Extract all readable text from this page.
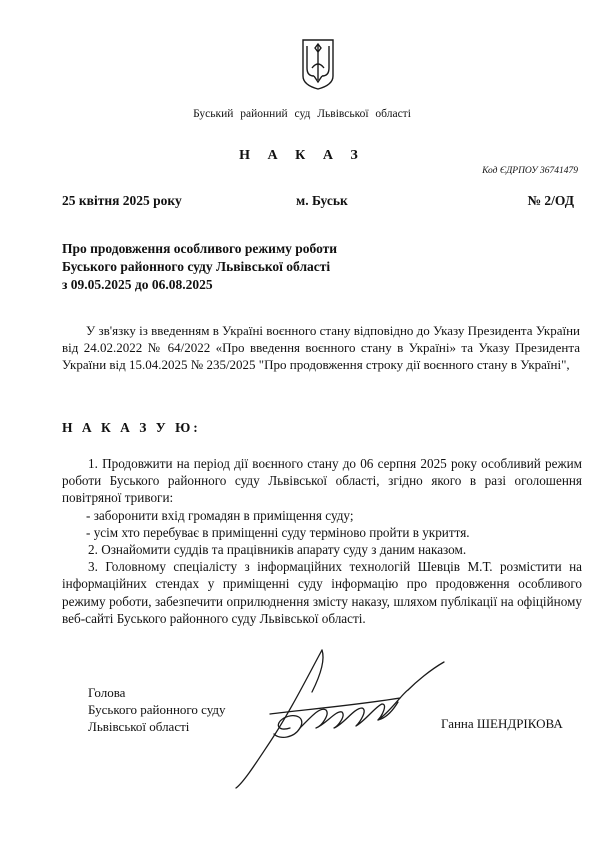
Буський районний суд Львівської області
Н А К А З
Код ЄДРПОУ 36741479
25 квітня 2025 року	м. Буськ	№ 2/ОД
Про продовження особливого режиму роботи
Буського районного суду Львівської області
з 09.05.2025 до 06.08.2025
У зв'язку із введенням в Україні воєнного стану відповідно до Указу Президента України від 24.02.2022 № 64/2022 «Про введення воєнного стану в Україні» та Указу Президента України від 15.04.2025 № 235/2025 "Про продовження строку дії воєнного стану в Україні",
Н А К А З У Ю:

1. Продовжити на період дії воєнного стану до 06 серпня 2025 року особливий режим роботи Буського районного суду Львівської області, згідно якого в разі оголошення повітряної тривоги:

- заборонити вхід громадян в приміщення суду;

- усім хто перебуває в приміщенні суду терміново пройти в укриття.

2. Ознайомити суддів та працівників апарату суду з даним наказом.

3. Головному спеціалісту з інформаційних технологій Шевців М.Т. розмістити на інформаційних стендах у приміщенні суду інформацію про продовження особливого режиму роботи, забезпечити оприлюднення змісту наказу, шляхом публікації на офіційному веб-сайті Буського районного суду Львівської області.

Голова
Буського районного суду
Львівської області	Ганна ШЕНДРІКОВА
